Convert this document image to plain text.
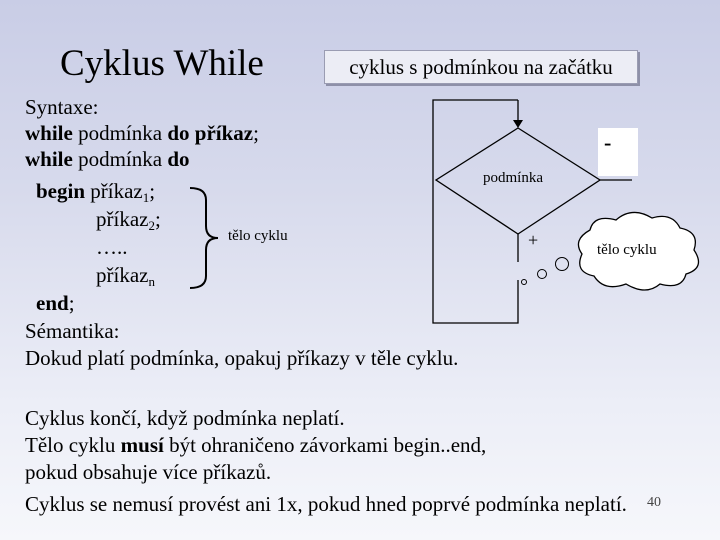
Cyklus While	cyklus s podmínkou na začátku
Syntaxe:
while podmínka do příkaz;
while podmínka do
begin příkaz$_1$;
příkaz$_2$;
…..
příkaz$_n$
end;
Sémantika:
Dokud platí podmínka, opakuj příkazy v těle cyklu.
Cyklus končí, když podmínka neplatí.
Tělo cyklu musí být ohraničeno závorkami begin..end,
pokud obsahuje více příkazů.
Cyklus se nemusí provést ani 1x, pokud hned poprvé podmínka neplatí.
-
podmínka
+
tělo cyklu
tělo cyklu
40
